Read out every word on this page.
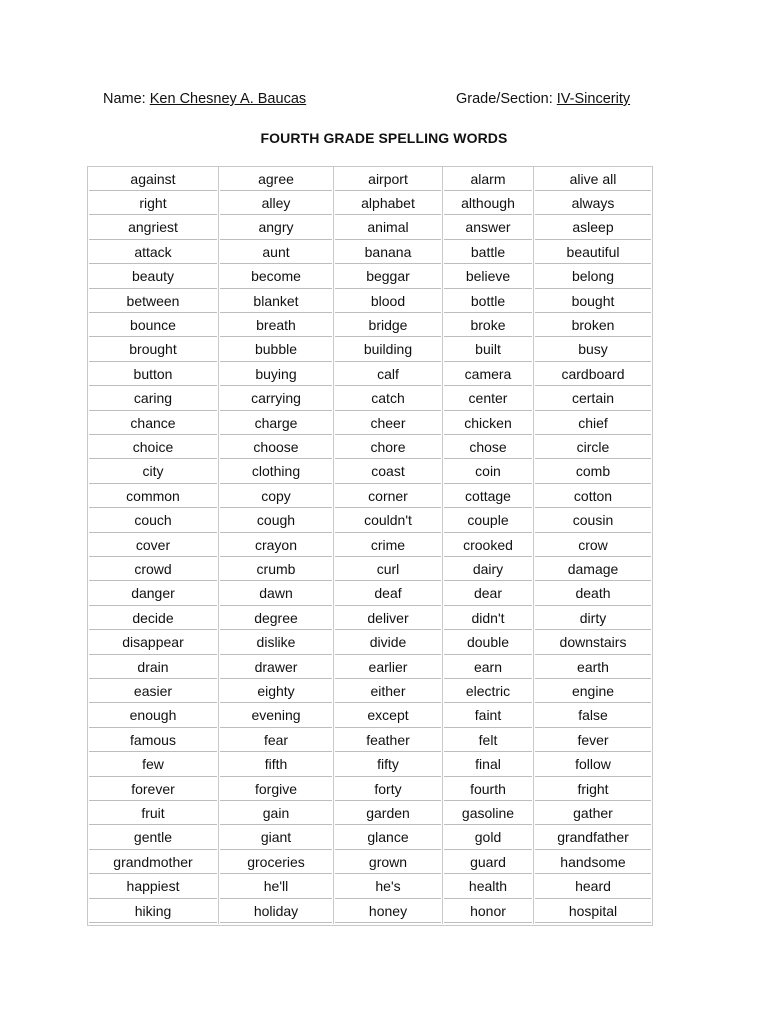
Name: Ken Chesney A. Baucas	Grade/Section: IV-Sincerity
FOURTH GRADE SPELLING WORDS
against
right
angriest
attack
beauty
between
bounce
brought
button
caring
chance
choice
city
common
couch
cover
crowd
danger
decide
disappear
drain
easier
enough
famous
few
forever
fruit
gentle
grandmother
happiest
hiking
agree
alley
angry
aunt
become
blanket
breath
bubble
buying
carrying
charge
choose
clothing
copy
cough
crayon
crumb
dawn
degree
dislike
drawer
eighty
evening
fear
fifth
forgive
gain
giant
groceries
he'll
holiday
airport
alphabet
animal
banana
beggar
blood
bridge
building
calf
catch
cheer
chore
coast
corner
couldn't
crime
curl
deaf
deliver
divide
earlier
either
except
feather
fifty
forty
garden
glance
grown
he's
honey
alarm
although
answer
battle
believe
bottle
broke
built
camera
center
chicken
chose
coin
cottage
couple
crooked
dairy
dear
didn't
double
earn
electric
faint
felt
final
fourth
gasoline
gold
guard
health
honor
alive all
always
asleep
beautiful
belong
bought
broken
busy
cardboard
certain
chief
circle
comb
cotton
cousin
crow
damage
death
dirty
downstairs
earth
engine
false
fever
follow
fright
gather
grandfather
handsome
heard
hospital
